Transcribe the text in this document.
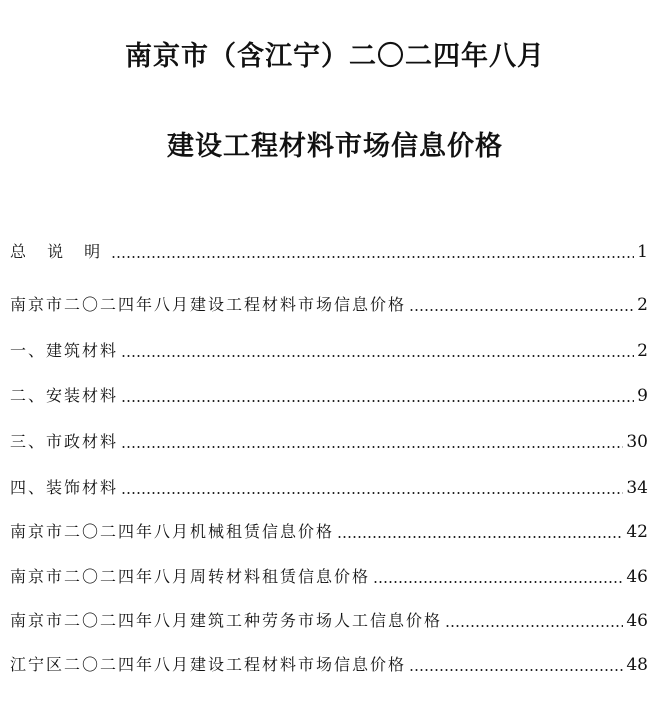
南京市（含江宁）二〇二四年八月
建设工程材料市场信息价格
总 说 明	1
南京市二〇二四年八月建设工程材料市场信息价格	2
一、建筑材料	2
二、安装材料	9
三、市政材料	30
四、装饰材料	34
南京市二〇二四年八月机械租赁信息价格	42
南京市二〇二四年八月周转材料租赁信息价格	46
南京市二〇二四年八月建筑工种劳务市场人工信息价格	46
江宁区二〇二四年八月建设工程材料市场信息价格	48
